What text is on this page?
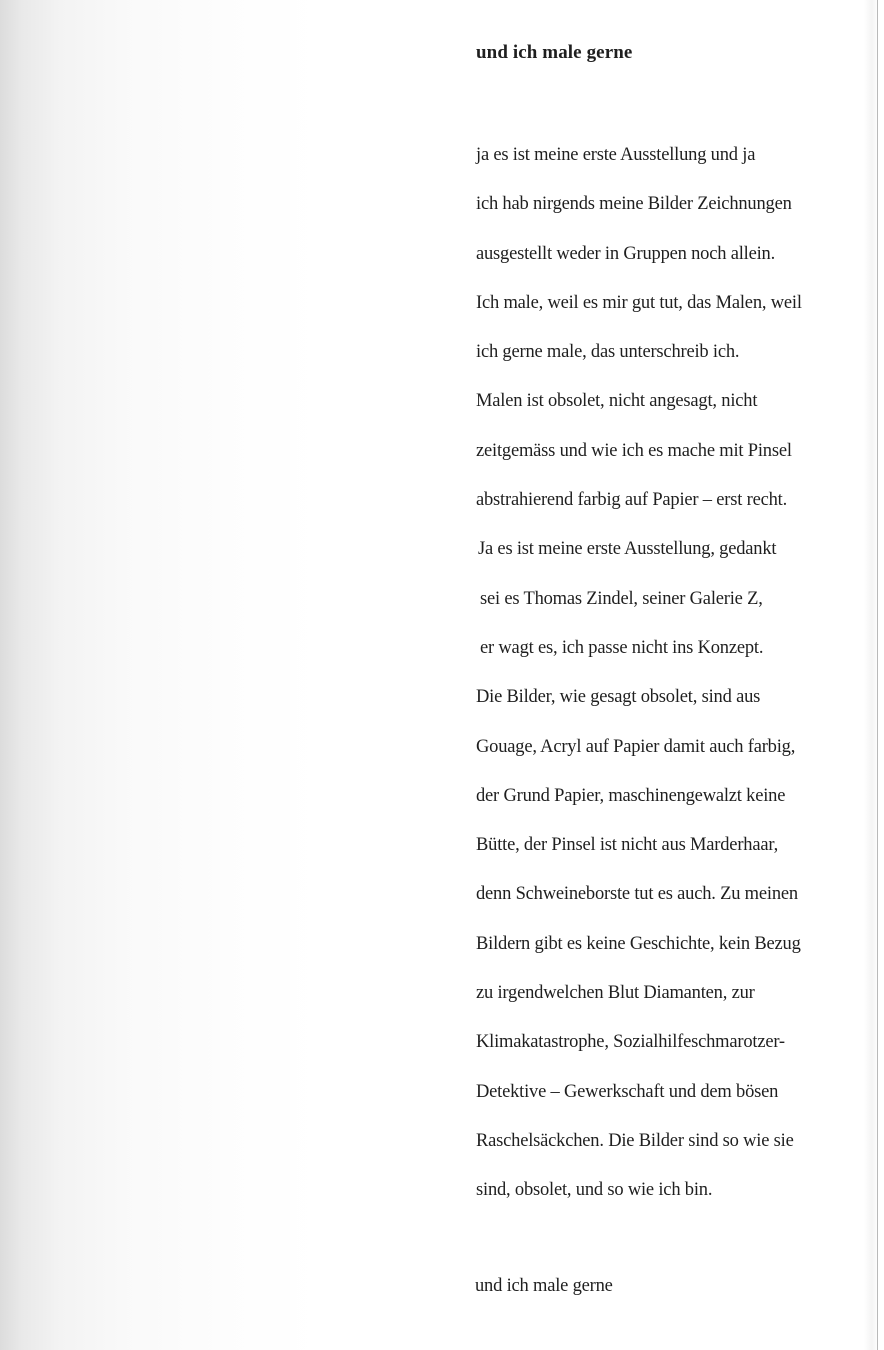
und ich male gerne
ja es ist meine erste Ausstellung und ja
ich hab nirgends meine Bilder Zeichnungen
ausgestellt weder in Gruppen noch allein.
Ich male, weil es mir gut tut, das Malen, weil
ich gerne male, das unterschreib ich.
Malen ist obsolet, nicht angesagt, nicht
zeitgemäss und wie ich es mache mit Pinsel
abstrahierend farbig auf Papier – erst recht.
Ja es ist meine erste Ausstellung, gedankt
sei es Thomas Zindel, seiner Galerie Z,
er wagt es, ich passe nicht ins Konzept.
Die Bilder, wie gesagt obsolet, sind aus
Gouage, Acryl auf Papier damit auch farbig,
der Grund Papier, maschinengewalzt keine
Bütte, der Pinsel ist nicht aus Marderhaar,
denn Schweineborste tut es auch. Zu meinen
Bildern gibt es keine Geschichte, kein Bezug
zu irgendwelchen Blut Diamanten, zur
Klimakatastrophe, Sozialhilfeschmarotzer-
Detektive – Gewerkschaft und dem bösen
Raschelsäckchen. Die Bilder sind so wie sie
sind, obsolet, und so wie ich bin.
und ich male gerne
